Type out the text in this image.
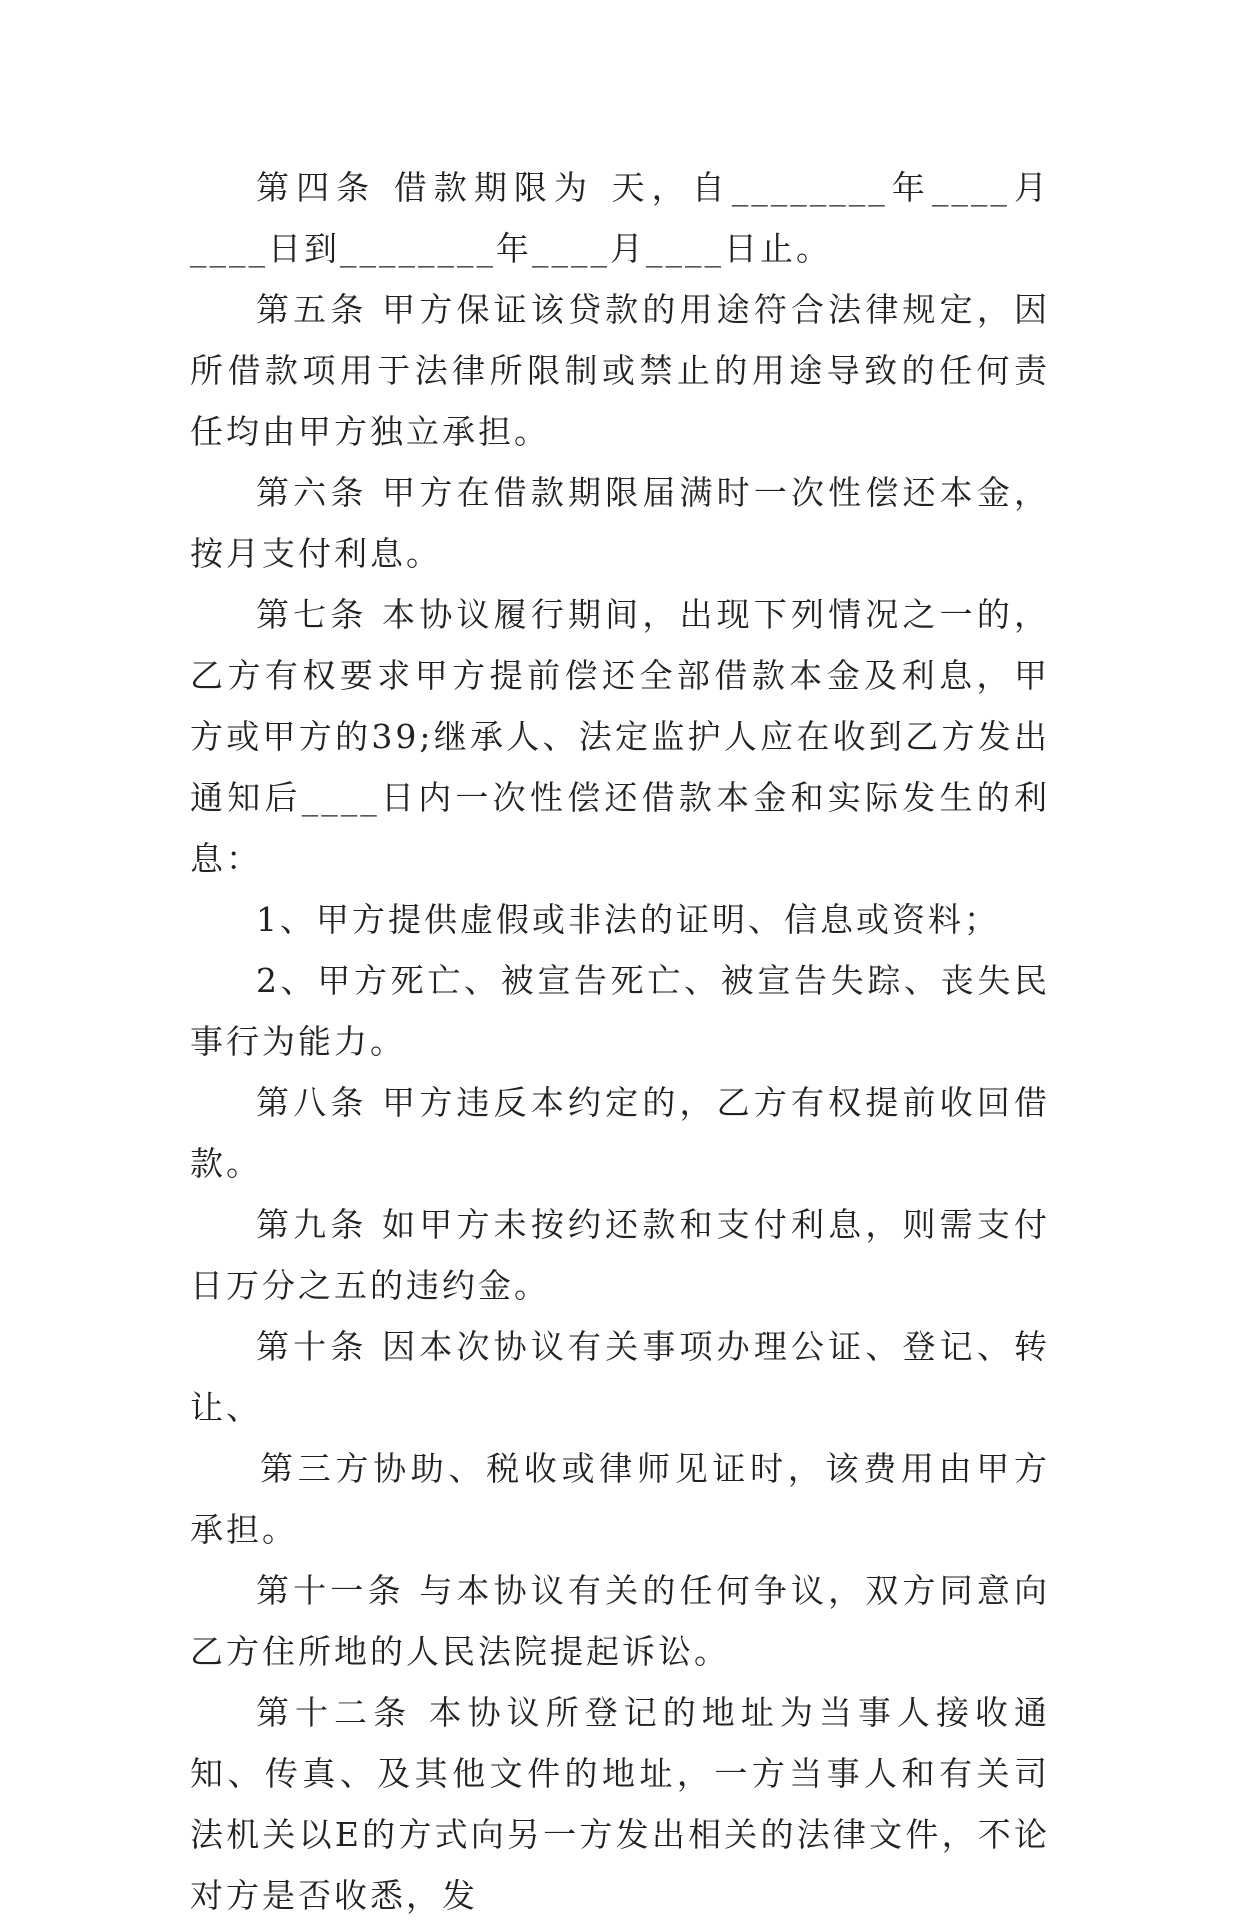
第四条 借款期限为 天，自________年____月____日到________年____月____日止。

第五条 甲方保证该贷款的用途符合法律规定，因所借款项用于法律所限制或禁止的用途导致的任何责任均由甲方独立承担。

第六条 甲方在借款期限届满时一次性偿还本金，按月支付利息。

第七条 本协议履行期间，出现下列情况之一的，乙方有权要求甲方提前偿还全部借款本金及利息，甲方或甲方的39;继承人、法定监护人应在收到乙方发出通知后____日内一次性偿还借款本金和实际发生的利息：

1、甲方提供虚假或非法的证明、信息或资料；

2、甲方死亡、被宣告死亡、被宣告失踪、丧失民事行为能力。

第八条 甲方违反本约定的，乙方有权提前收回借款。

第九条 如甲方未按约还款和支付利息，则需支付日万分之五的违约金。

第十条 因本次协议有关事项办理公证、登记、转让、

第三方协助、税收或律师见证时，该费用由甲方承担。

第十一条 与本协议有关的任何争议，双方同意向乙方住所地的人民法院提起诉讼。

第十二条 本协议所登记的地址为当事人接收通知、传真、及其他文件的地址，一方当事人和有关司法机关以E的方式向另一方发出相关的法律文件，不论对方是否收悉，发
